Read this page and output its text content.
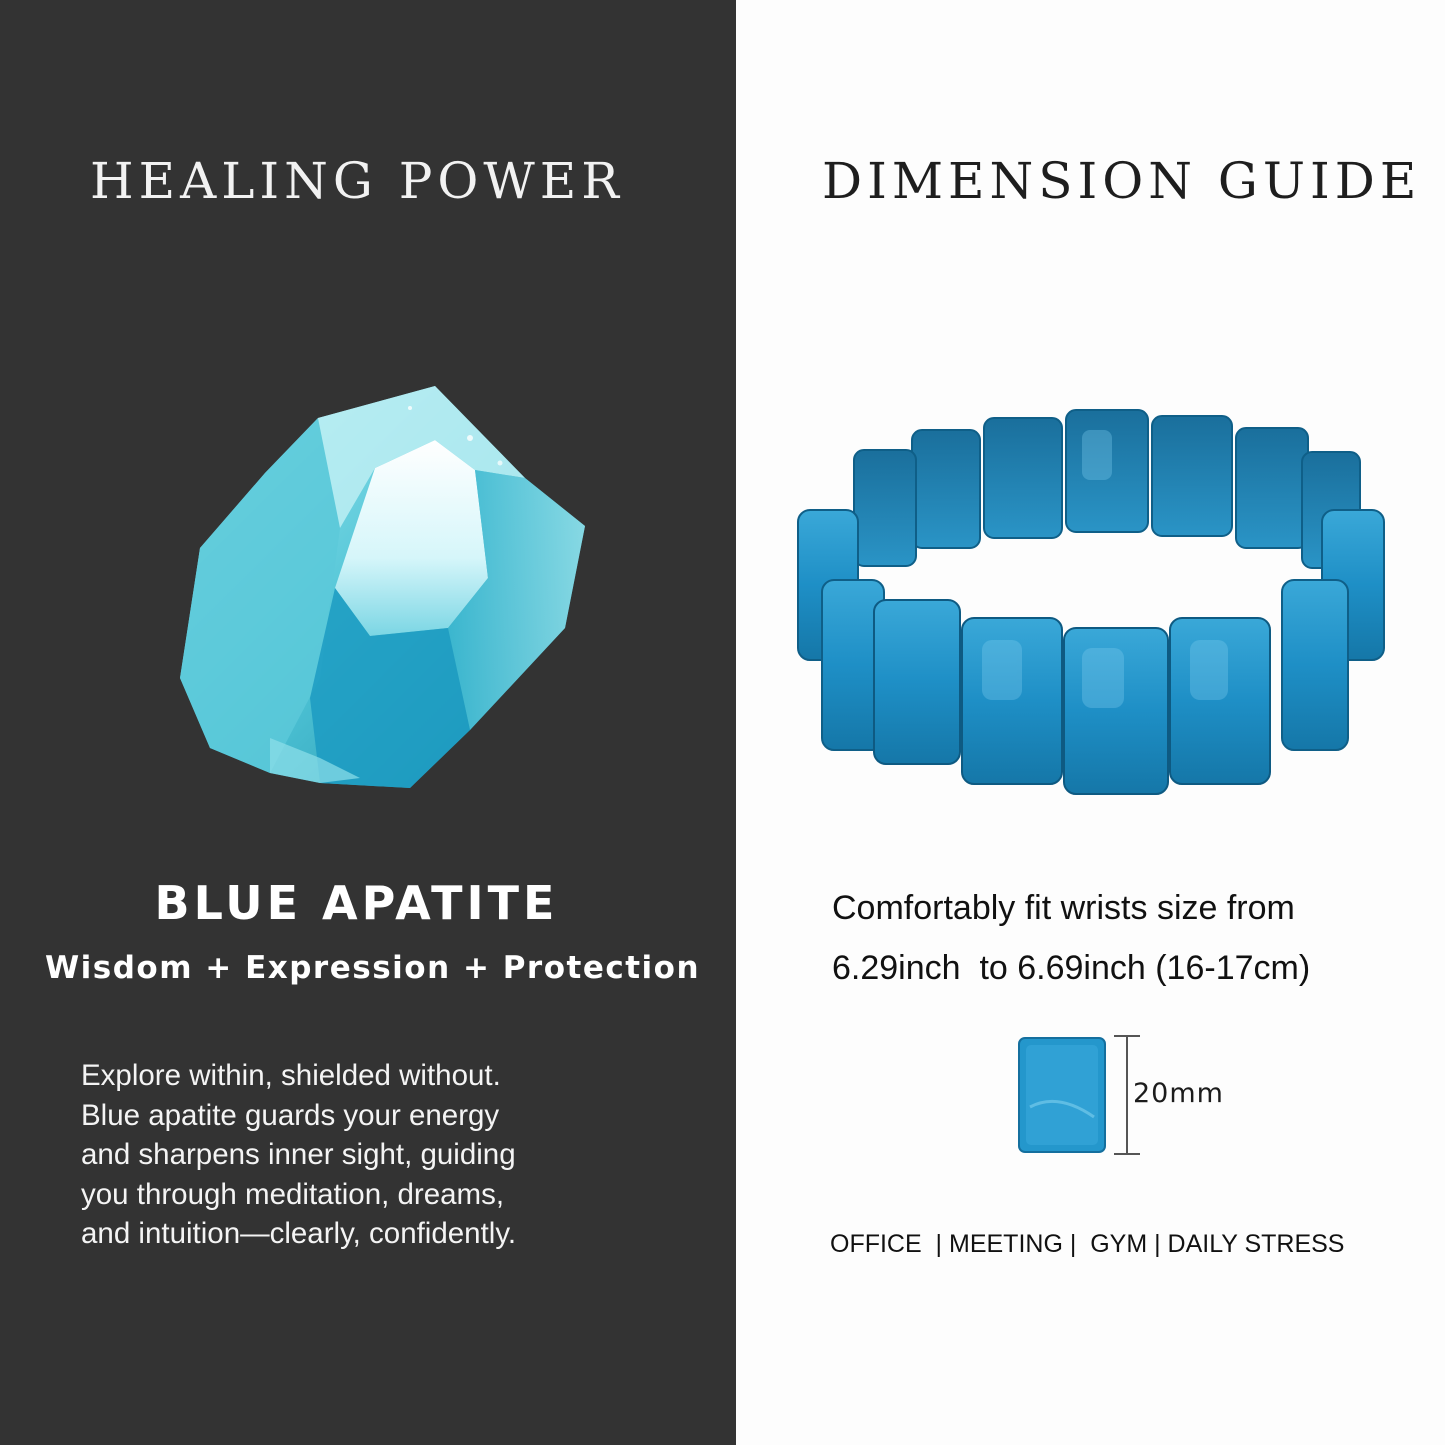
HEALING POWER
BLUE APATITE

Wisdom + Expression + Protection

Explore within, shielded without.
Blue apatite guards your energy
and sharpens inner sight, guiding
you through meditation, dreams,
and intuition—clearly, confidently.

DIMENSION GUIDE

Comfortably fit wrists size from
6.29inch  to 6.69inch (16-17cm)

20mm

OFFICE  | MEETING |  GYM | DAILY STRESS
